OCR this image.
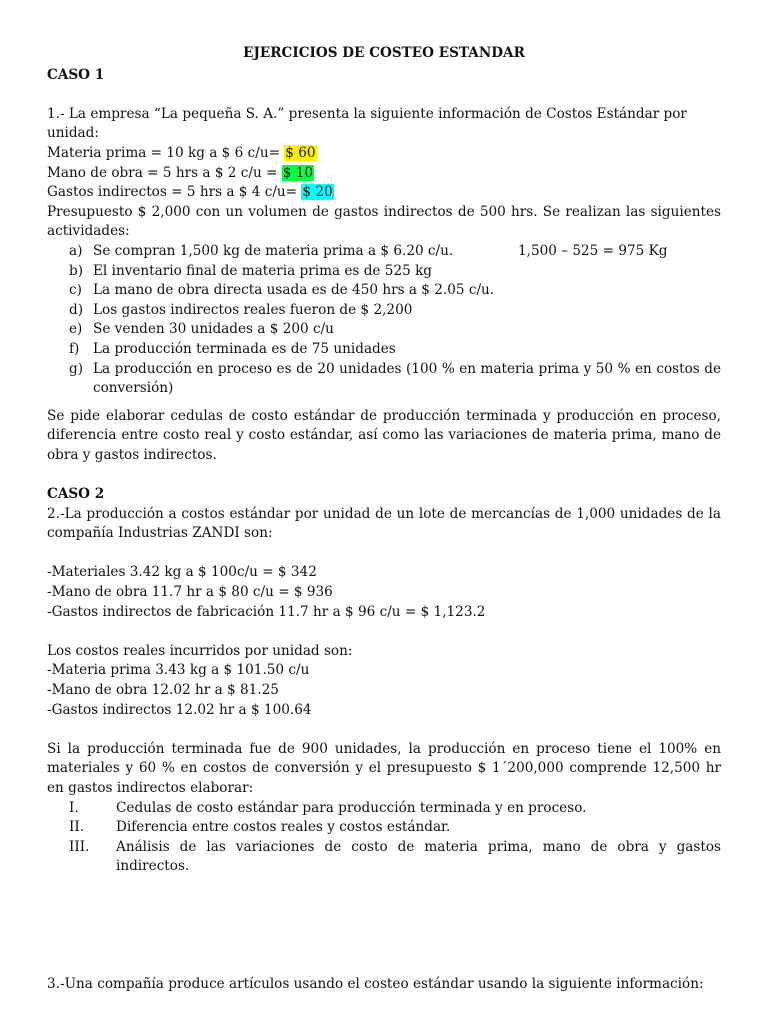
EJERCICIOS DE COSTEO ESTANDAR
CASO 1

1.- La empresa “La pequeña S. A.” presenta la siguiente información de Costos Estándar por unidad:

Materia prima = 10 kg a $ 6 c/u= $ 60

Mano de obra = 5 hrs a $ 2 c/u = $ 10

Gastos indirectos = 5 hrs a $ 4 c/u= $ 20

Presupuesto $ 2,000 con un volumen de gastos indirectos de 500 hrs. Se realizan las siguientes actividades:

a) Se compran 1,500 kg de materia prima a $ 6.20 c/u.	1,500 – 525 = 975 Kg
b) El inventario final de materia prima es de 525 kg
c) La mano de obra directa usada es de 450 hrs a $ 2.05 c/u.
d) Los gastos indirectos reales fueron de $ 2,200
e) Se venden 30 unidades a $ 200 c/u
f) La producción terminada es de 75 unidades
g) La producción en proceso es de 20 unidades (100 % en materia prima y 50 % en costos de conversión)

Se pide elaborar cedulas de costo estándar de producción terminada y producción en proceso, diferencia entre costo real y costo estándar, así como las variaciones de materia prima, mano de obra y gastos indirectos.

CASO 2

2.-La producción a costos estándar por unidad de un lote de mercancías de 1,000 unidades de la compañía Industrias ZANDI son:

-Materiales 3.42 kg a $ 100c/u = $ 342

-Mano de obra 11.7 hr a $ 80 c/u = $ 936

-Gastos indirectos de fabricación 11.7 hr a $ 96 c/u = $ 1,123.2

Los costos reales incurridos por unidad son:

-Materia prima 3.43 kg a $ 101.50 c/u

-Mano de obra 12.02 hr a $ 81.25

-Gastos indirectos 12.02 hr a $ 100.64

Si la producción terminada fue de 900 unidades, la producción en proceso tiene el 100% en materiales y 60 % en costos de conversión y el presupuesto $ 1´200,000 comprende 12,500 hr en gastos indirectos elaborar:

I.	Cedulas de costo estándar para producción terminada y en proceso.
II. Diferencia entre costos reales y costos estándar.
III. Análisis de las variaciones de costo de materia prima, mano de obra y gastos indirectos.

3.-Una compañía produce artículos usando el costeo estándar usando la siguiente información:
